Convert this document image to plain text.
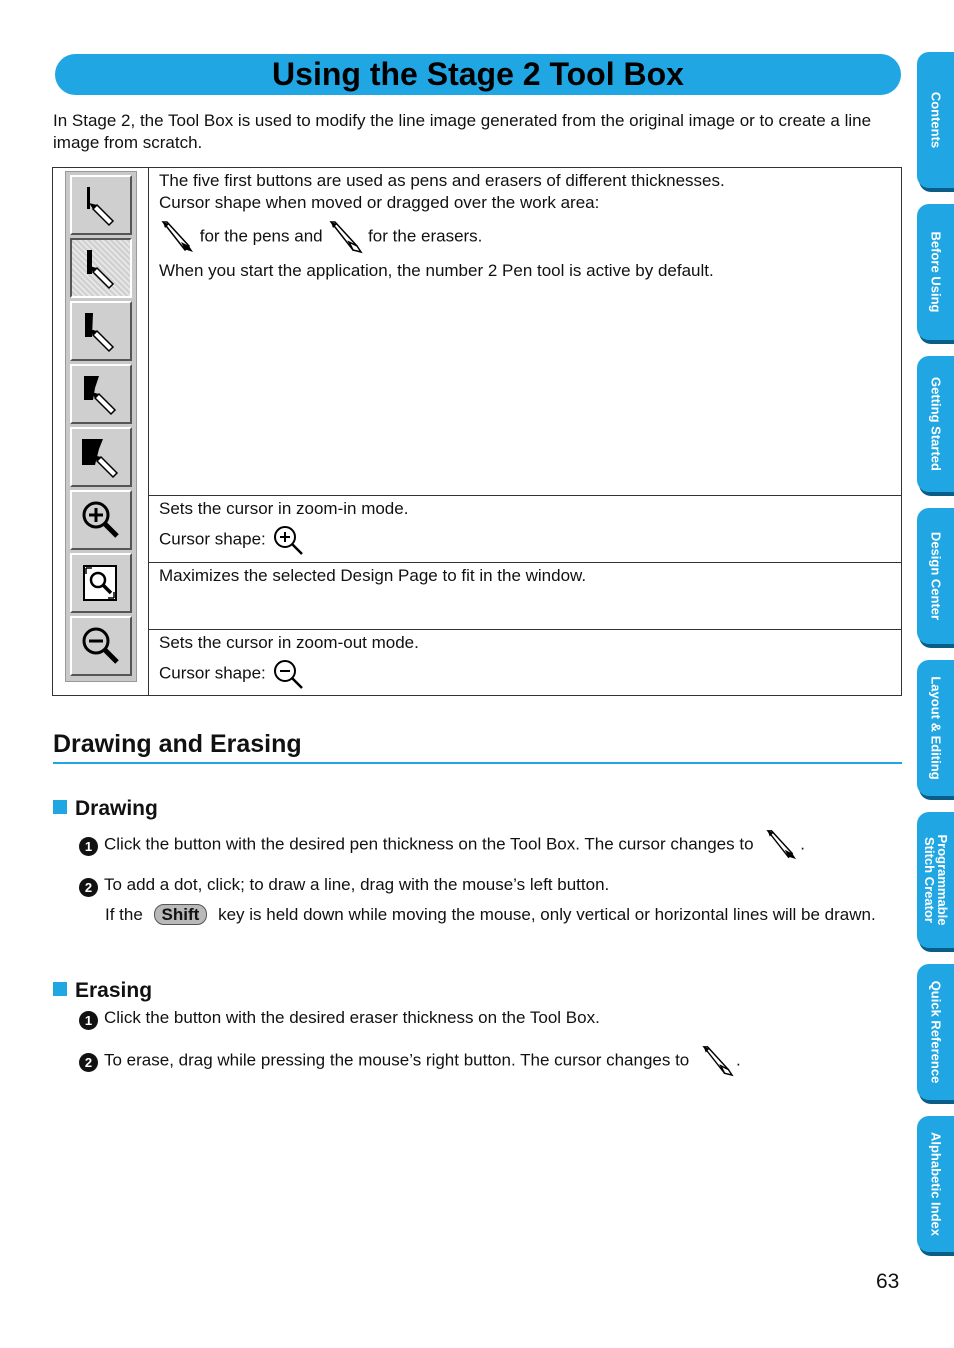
Using the Stage 2 Tool Box
In Stage 2, the Tool Box is used to modify the line image generated from the original image or to create a line image from scratch.

The five first buttons are used as pens and erasers of different thicknesses.
Cursor shape when moved or dragged over the work area:
for the pens and	for the erasers.
When you start the application, the number 2 Pen tool is active by default.

Sets the cursor in zoom-in mode.
Cursor shape:

Maximizes the selected Design Page to fit in the window.

Sets the cursor in zoom-out mode.
Cursor shape:
Drawing and Erasing
Drawing
1 Click the button with the desired pen thickness on the Tool Box. The cursor changes to	.
2 To add a dot, click; to draw a line, drag with the mouse’s left button.
If the Shift key is held down while moving the mouse, only vertical or horizontal lines will be drawn.
Erasing
1 Click the button with the desired eraser thickness on the Tool Box.
2 To erase, drag while pressing the mouse’s right button. The cursor changes to	.
Contents
Before Using
Getting Started
Design Center
Layout & Editing
Programmable Stitch Creator
Quick Reference
Alphabetic Index
63
